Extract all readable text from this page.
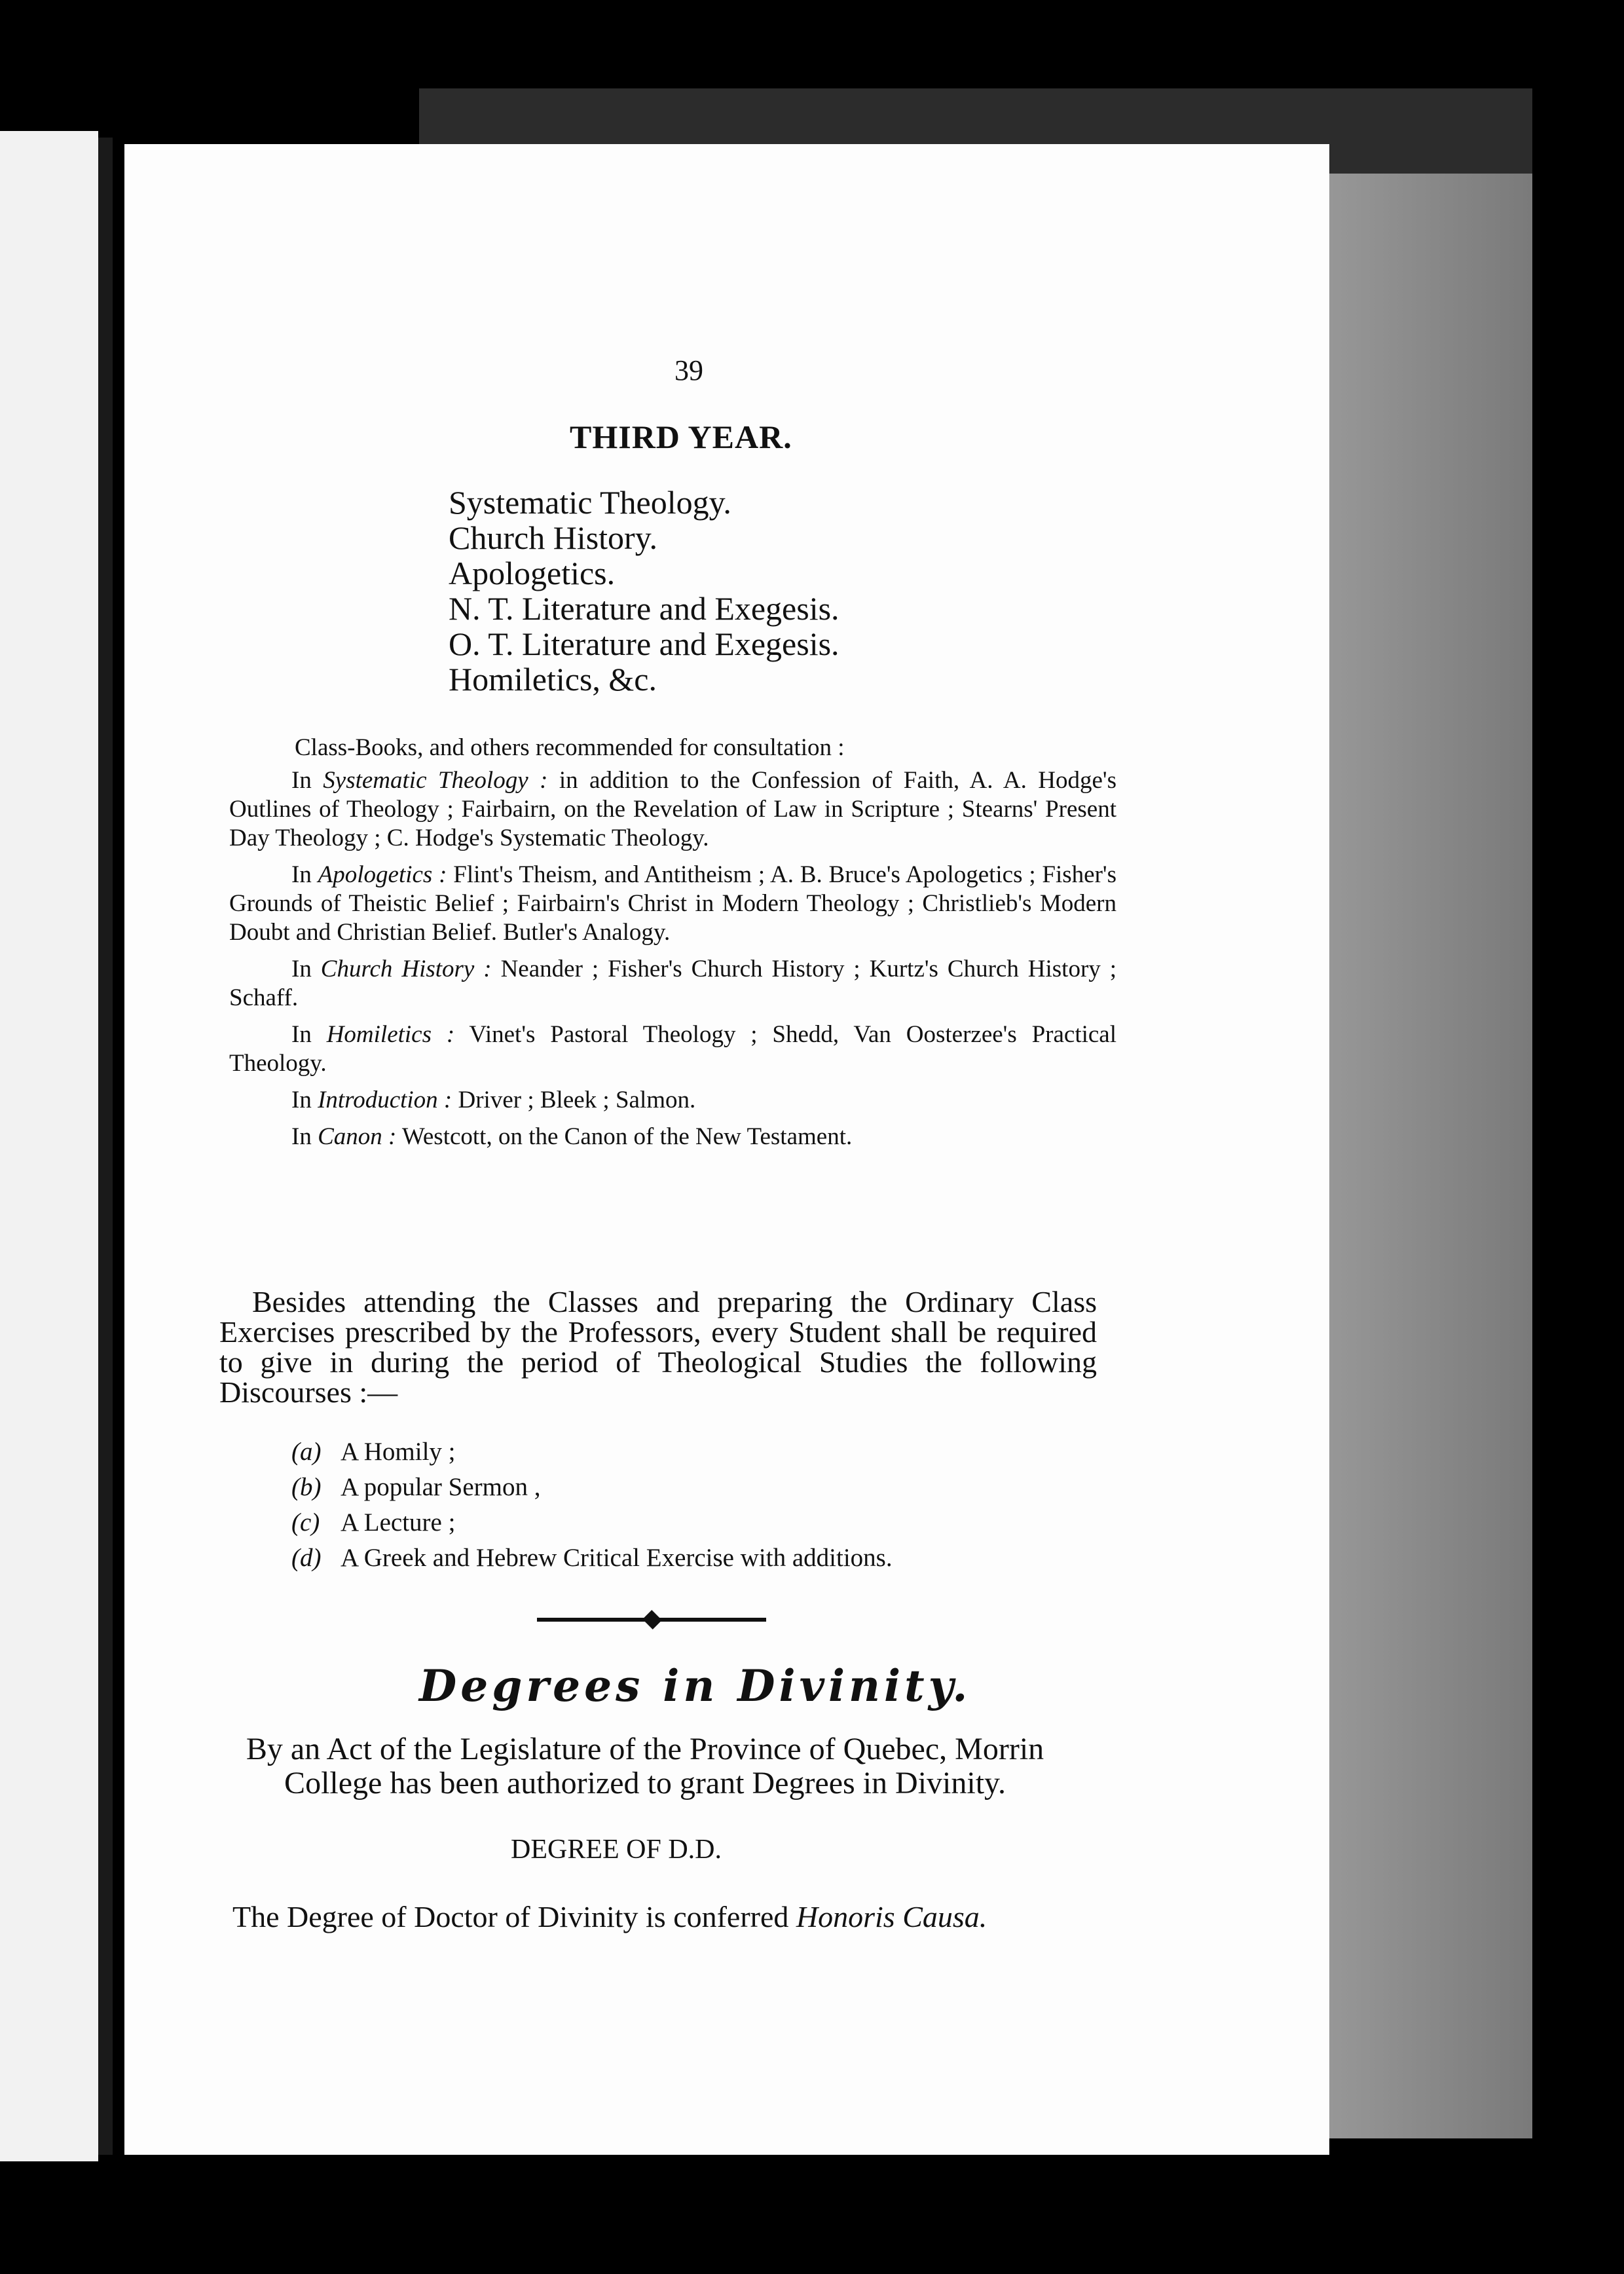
39
THIRD YEAR.
Systematic Theology.
Church History.
Apologetics.
N. T. Literature and Exegesis.
O. T. Literature and Exegesis.
Homiletics, &c.

Class-Books, and others recommended for consultation :

In Systematic Theology : in addition to the Confession of Faith, A. A. Hodge's Outlines of Theology ; Fairbairn, on the Revelation of Law in Scripture ; Stearns' Present Day Theology ; C. Hodge's Systematic Theology.

In Apologetics : Flint's Theism, and Antitheism ; A. B. Bruce's Apologetics ; Fisher's Grounds of Theistic Belief ; Fairbairn's Christ in Modern Theology ; Christlieb's Modern Doubt and Christian Belief. Butler's Analogy.

In Church History : Neander ; Fisher's Church History ; Kurtz's Church History ; Schaff.

In Homiletics : Vinet's Pastoral Theology ; Shedd, Van Oosterzee's Practical Theology.

In Introduction : Driver ; Bleek ; Salmon.

In Canon : Westcott, on the Canon of the New Testament.

Besides attending the Classes and preparing the Ordinary Class Exercises prescribed by the Professors, every Student shall be required to give in during the period of Theological Studies the following Discourses :—
(a) A Homily ;
(b) A popular Sermon ,
(c) A Lecture ;
(d) A Greek and Hebrew Critical Exercise with additions.
Degrees in Divinity.
By an Act of the Legislature of the Province of Quebec, Morrin College has been authorized to grant Degrees in Divinity.
DEGREE OF D.D.
The Degree of Doctor of Divinity is conferred Honoris Causa.
